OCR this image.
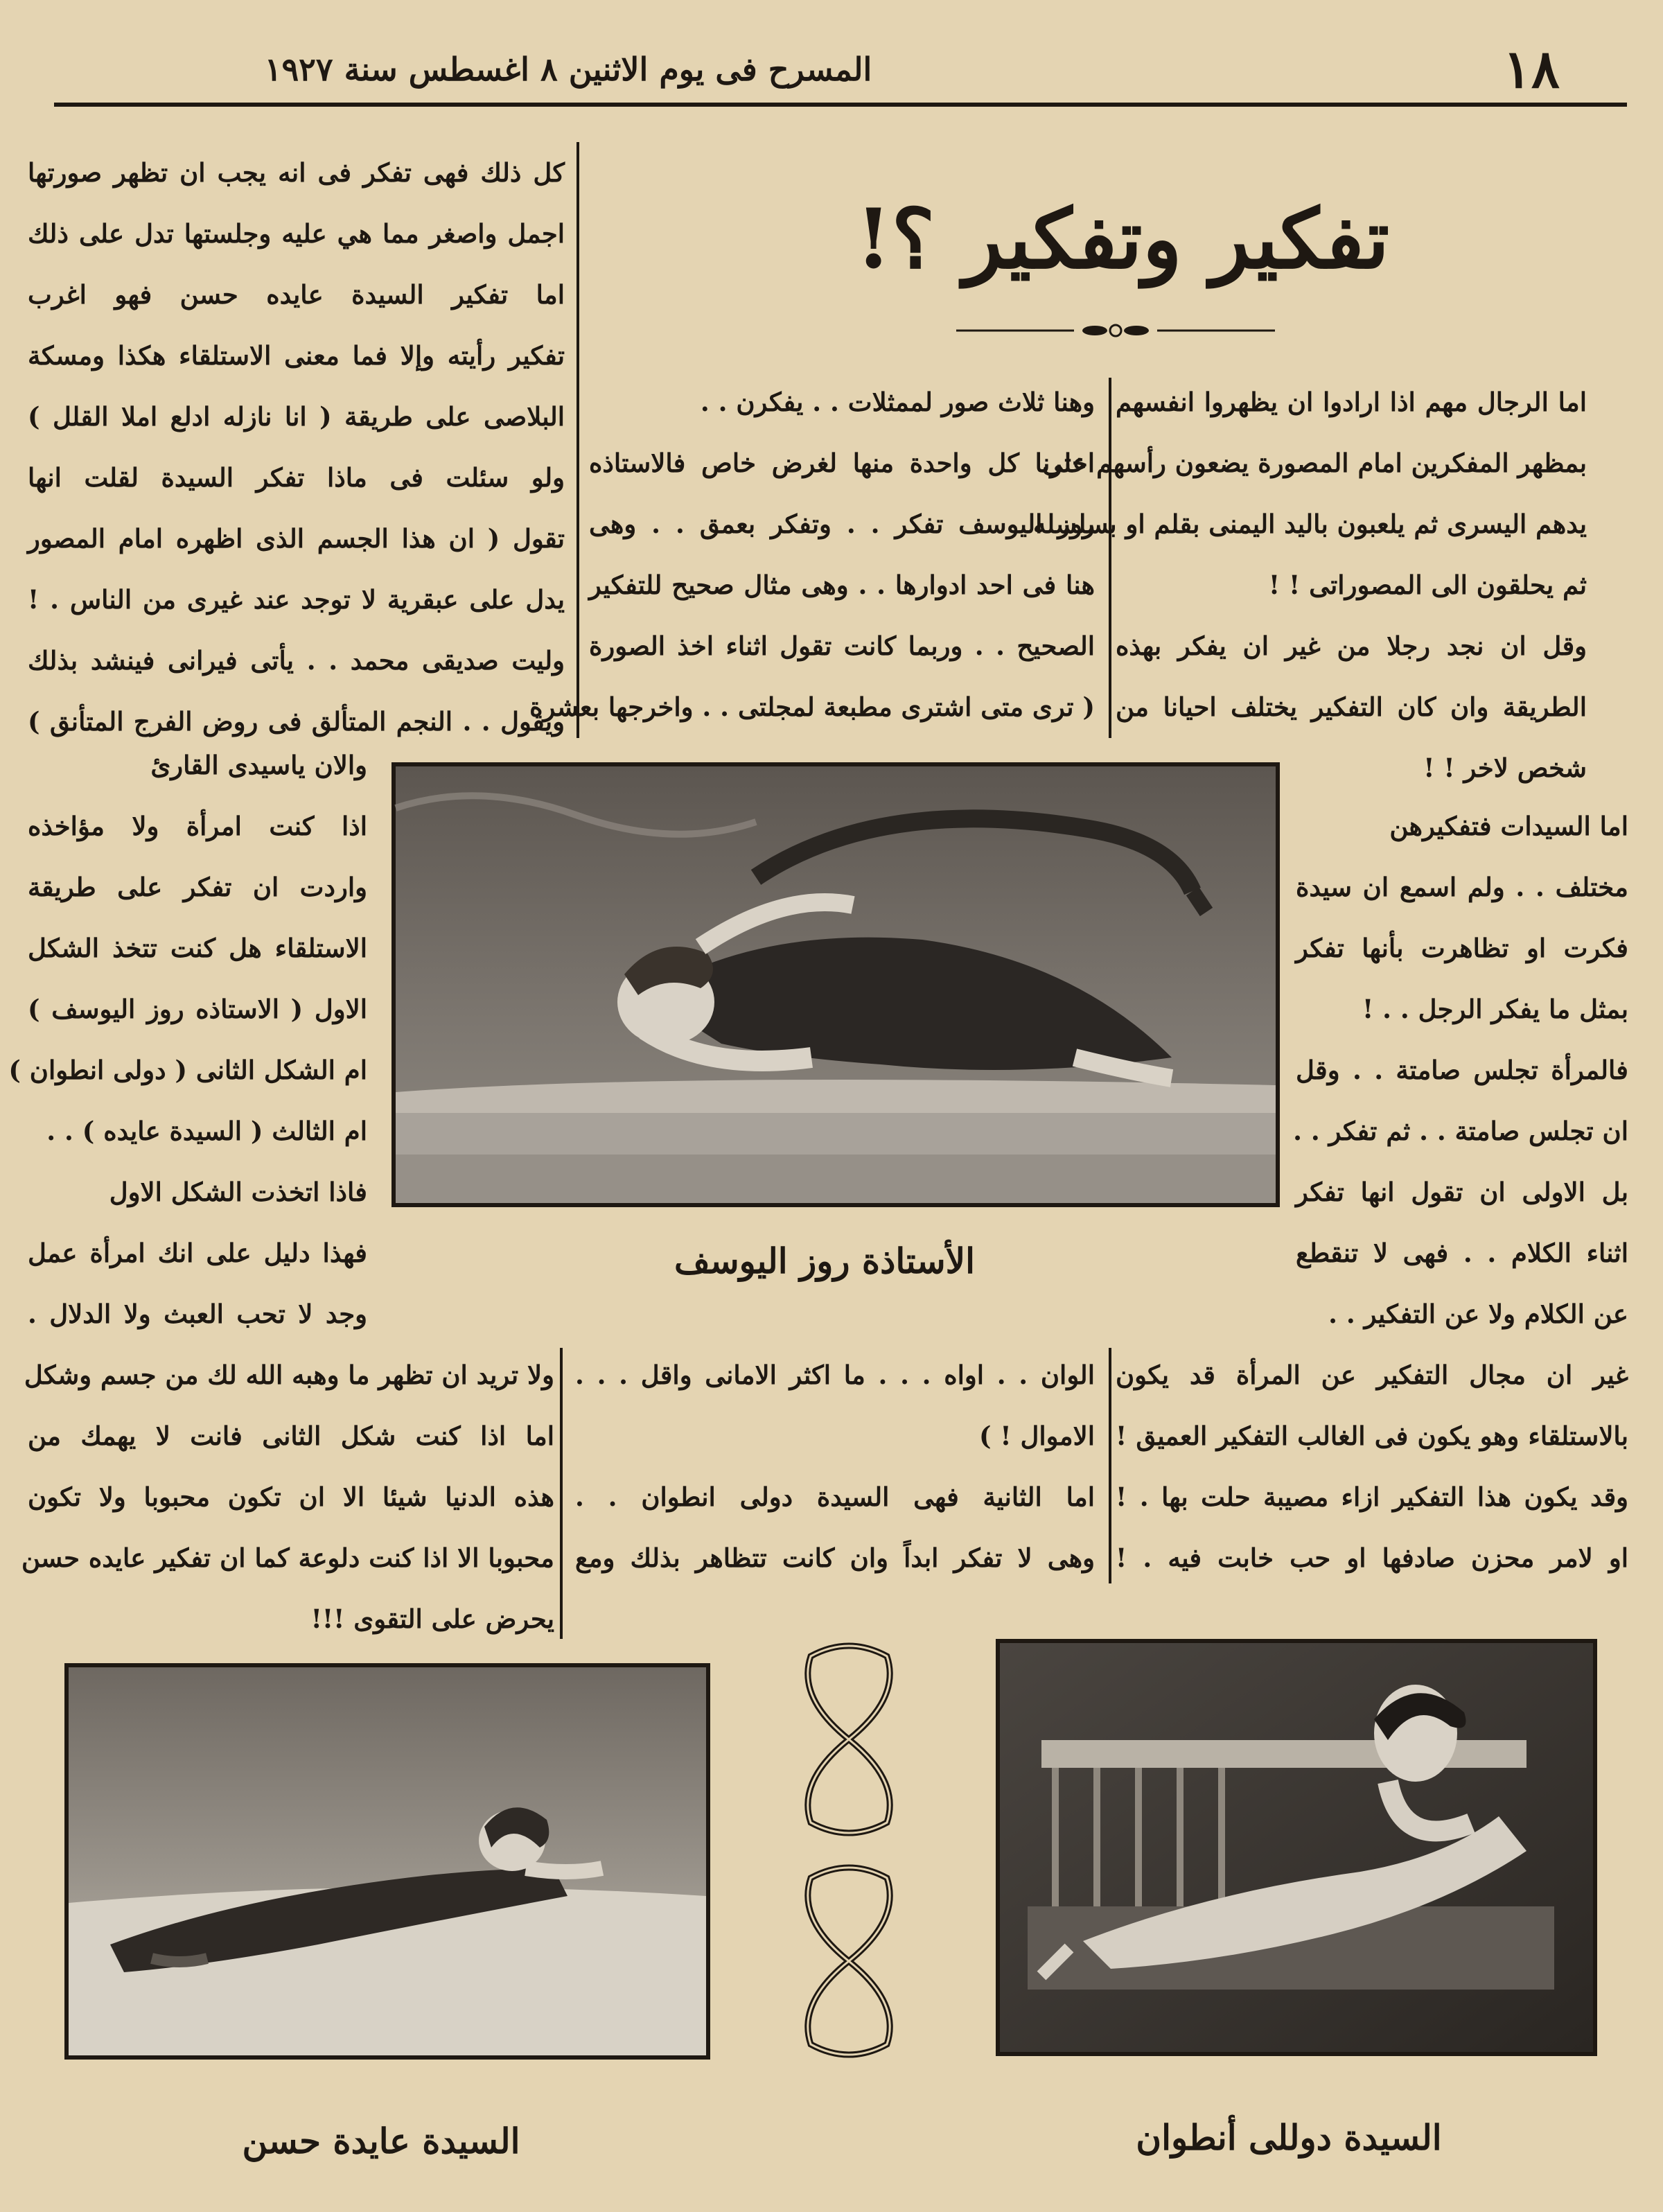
١٨
المسرح فى يوم الاثنين ٨ اغسطس سنة ١٩٢٧
تفكير وتفكير ؟!

اما الرجال مهم اذا ارادوا ان يظهروا انفسهم

بمظهر المفكرين امام المصورة يضعون رأسهم على

يدهم اليسرى ثم يلعبون باليد اليمنى بقلم او بسلسله

ثم يحلقون الى المصوراتى ! !

وقل ان نجد رجلا من غير ان يفكر بهذه

الطريقة وان كان التفكير يختلف احيانا من

شخص لاخر ! !

وهنا ثلاث صور لممثلات . . يفكرن . .

اخترنا كل واحدة منها لغرض خاص فالاستاذه

روز اليوسف تفكر . . وتفكر بعمق . . وهى

هنا فى احد ادوارها . . وهى مثال صحيح للتفكير

الصحيح . . وربما كانت تقول اثناء اخذ الصورة

( ترى متى اشترى مطبعة لمجلتى . . واخرجها بعشرة

كل ذلك فهى تفكر فى انه يجب ان تظهر صورتها

اجمل واصغر مما هي عليه وجلستها تدل على ذلك

اما تفكير السيدة عايده حسن فهو اغرب

تفكير رأيته وإلا فما معنى الاستلقاء هكذا ومسكة

البلاصى على طريقة ( انا نازله ادلع املا القلل )

ولو سئلت فى ماذا تفكر السيدة لقلت انها

تقول ( ان هذا الجسم الذى اظهره امام المصور

يدل على عبقرية لا توجد عند غيرى من الناس . !

وليت صديقى محمد . . يأتى فيرانى فينشد بذلك

ويقول . . النجم المتألق فى روض الفرج المتأنق )

اما السيدات فتفكيرهن

مختلف . . ولم اسمع ان سيدة

فكرت او تظاهرت بأنها تفكر

بمثل ما يفكر الرجل . . !

فالمرأة تجلس صامتة . . وقل

ان تجلس صامتة . . ثم تفكر . .

بل الاولى ان تقول انها تفكر

اثناء الكلام . . فهى لا تنقطع

عن الكلام ولا عن التفكير . .

والان ياسيدى القارئ

اذا كنت امرأة ولا مؤاخذه

واردت ان تفكر على طريقة

الاستلقاء هل كنت تتخذ الشكل

الاول ( الاستاذه روز اليوسف )

ام الشكل الثانى ( دولى انطوان )

ام الثالث ( السيدة عايده ) . .

فاذا اتخذت الشكل الاول

فهذا دليل على انك امرأة عمل

وجد لا تحب العبث ولا الدلال .

الأستاذة روز اليوسف

غير ان مجال التفكير عن المرأة قد يكون

بالاستلقاء وهو يكون فى الغالب التفكير العميق !

وقد يكون هذا التفكير ازاء مصيبة حلت بها . !

او لامر محزن صادفها او حب خابت فيه . !

الوان . . اواه . . . ما اكثر الامانى واقل . . .

الاموال ! )

اما الثانية فهى السيدة دولى انطوان . .

وهى لا تفكر ابداً وان كانت تتظاهر بذلك ومع

ولا تريد ان تظهر ما وهبه الله لك من جسم وشكل

اما اذا كنت شكل الثانى فانت لا يهمك من

هذه الدنيا شيئا الا ان تكون محبوبا ولا تكون

محبوبا الا اذا كنت دلوعة كما ان تفكير عايده حسن

يحرض على التقوى !!!

السيدة عايدة حسن	السيدة دوللى أنطوان
